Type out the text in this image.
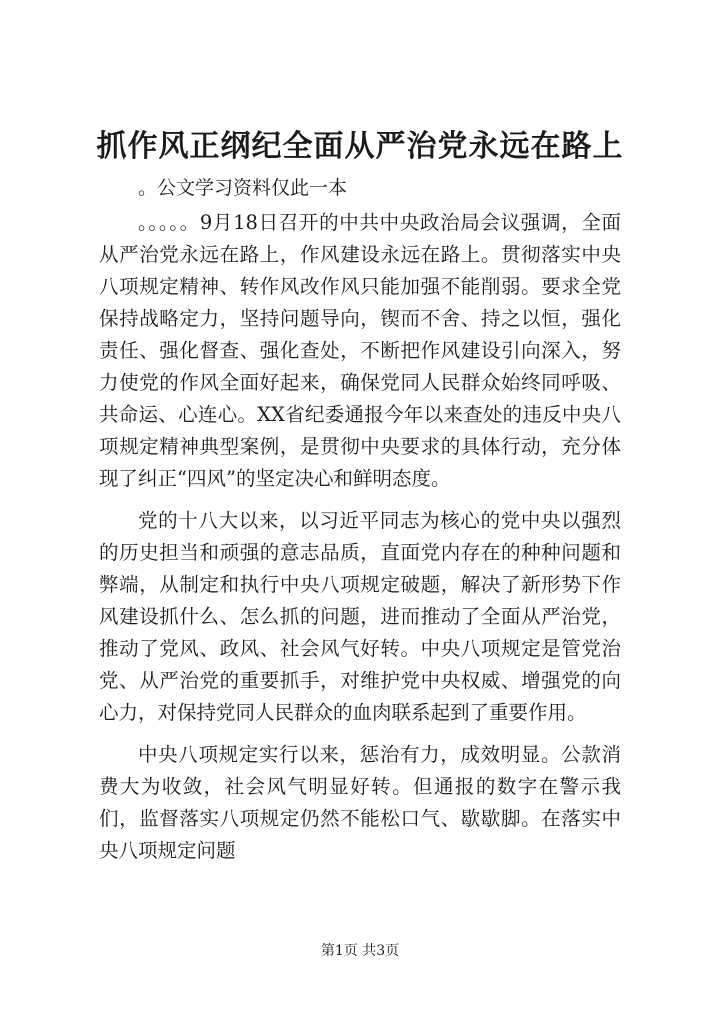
抓作风正纲纪全面从严治党永远在路上

。公文学习资料仅此一本

。。。。。9月18日召开的中共中央政治局会议强调，全面从严治党永远在路上，作风建设永远在路上。贯彻落实中央八项规定精神、转作风改作风只能加强不能削弱。要求全党保持战略定力，坚持问题导向，锲而不舍、持之以恒，强化责任、强化督查、强化查处，不断把作风建设引向深入，努力使党的作风全面好起来，确保党同人民群众始终同呼吸、共命运、心连心。XX省纪委通报今年以来查处的违反中央八项规定精神典型案例，是贯彻中央要求的具体行动，充分体现了纠正“四风”的坚定决心和鲜明态度。

党的十八大以来，以习近平同志为核心的党中央以强烈的历史担当和顽强的意志品质，直面党内存在的种种问题和弊端，从制定和执行中央八项规定破题，解决了新形势下作风建设抓什么、怎么抓的问题，进而推动了全面从严治党，推动了党风、政风、社会风气好转。中央八项规定是管党治党、从严治党的重要抓手，对维护党中央权威、增强党的向心力，对保持党同人民群众的血肉联系起到了重要作用。

中央八项规定实行以来，惩治有力，成效明显。公款消费大为收敛，社会风气明显好转。但通报的数字在警示我们，监督落实八项规定仍然不能松口气、歇歇脚。在落实中央八项规定问题

第1页 共3页
